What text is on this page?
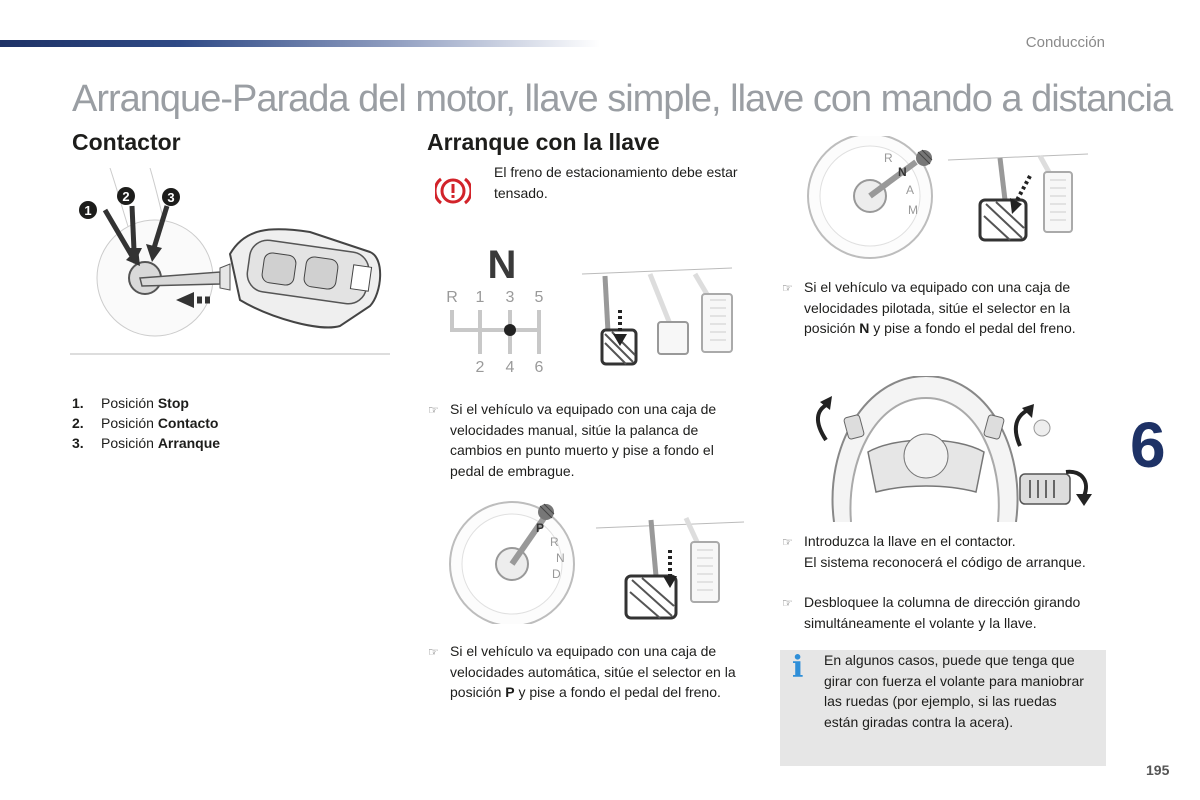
Conducción
Arranque-Parada del motor, llave simple, llave con mando a distancia
Contactor
1
2	3
1.	Posición Stop
2.	Posición Contacto
3.	Posición Arranque
Arranque con la llave
El freno de estacionamiento debe estar tensado.
N
R 1 3 5
2 4 6
☞ Si el vehículo va equipado con una caja de velocidades manual, sitúe la palanca de cambios en punto muerto y pise a fondo el pedal de embrague.
P
R
N
D
☞ Si el vehículo va equipado con una caja de velocidades automática, sitúe el selector en la posición P y pise a fondo el pedal del freno.
R
N
A
M
☞ Si el vehículo va equipado con una caja de velocidades pilotada, sitúe el selector en la posición N y pise a fondo el pedal del freno.
☞ Introduzca la llave en el contactor.
El sistema reconocerá el código de arranque.
☞ Desbloquee la columna de dirección girando simultáneamente el volante y la llave.
i En algunos casos, puede que tenga que girar con fuerza el volante para maniobrar las ruedas (por ejemplo, si las ruedas están giradas contra la acera).
6
195
